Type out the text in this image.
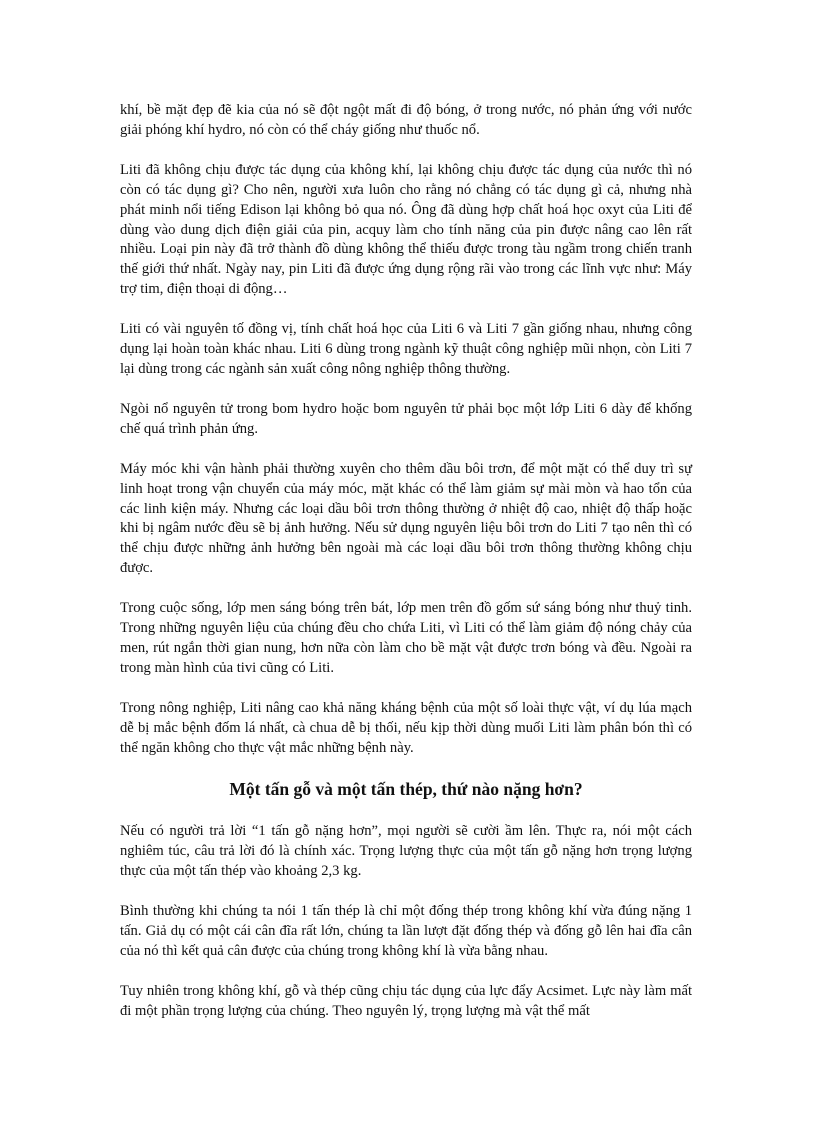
khí, bề mặt đẹp đẽ kia của nó sẽ đột ngột mất đi độ bóng, ở trong nước, nó phản ứng với nước giải phóng khí hydro, nó còn có thể cháy giống như thuốc nổ.

Liti đã không chịu được tác dụng của không khí, lại không chịu được tác dụng của nước thì nó còn có tác dụng gì? Cho nên, người xưa luôn cho rằng nó chẳng có tác dụng gì cả, nhưng nhà phát minh nổi tiếng Edison lại không bỏ qua nó. Ông đã dùng hợp chất hoá học oxyt của Liti để dùng vào dung dịch điện giải của pin, acquy làm cho tính năng của pin được nâng cao lên rất nhiều. Loại pin này đã trở thành đồ dùng không thể thiếu được trong tàu ngầm trong chiến tranh thế giới thứ nhất. Ngày nay, pin Liti đã được ứng dụng rộng rãi vào trong các lĩnh vực như: Máy trợ tim, điện thoại di động…

Liti có vài nguyên tố đồng vị, tính chất hoá học của Liti 6 và Liti 7 gần giống nhau, nhưng công dụng lại hoàn toàn khác nhau. Liti 6 dùng trong ngành kỹ thuật công nghiệp mũi nhọn, còn Liti 7 lại dùng trong các ngành sản xuất công nông nghiệp thông thường.

Ngòi nổ nguyên tử trong bom hydro hoặc bom nguyên tử phải bọc một lớp Liti 6 dày để khống chế quá trình phản ứng.

Máy móc khi vận hành phải thường xuyên cho thêm dầu bôi trơn, để một mặt có thể duy trì sự linh hoạt trong vận chuyển của máy móc, mặt khác có thể làm giảm sự mài mòn và hao tổn của các linh kiện máy. Nhưng các loại dầu bôi trơn thông thường ở nhiệt độ cao, nhiệt độ thấp hoặc khi bị ngâm nước đều sẽ bị ảnh hưởng. Nếu sử dụng nguyên liệu bôi trơn do Liti 7 tạo nên thì có thể chịu được những ảnh hưởng bên ngoài mà các loại dầu bôi trơn thông thường không chịu được.

Trong cuộc sống, lớp men sáng bóng trên bát, lớp men trên đồ gốm sứ sáng bóng như thuỷ tinh. Trong những nguyên liệu của chúng đều cho chứa Liti, vì Liti có thể làm giảm độ nóng chảy của men, rút ngắn thời gian nung, hơn nữa còn làm cho bề mặt vật được trơn bóng và đều. Ngoài ra trong màn hình của tivi cũng có Liti.

Trong nông nghiệp, Liti nâng cao khả năng kháng bệnh của một số loài thực vật, ví dụ lúa mạch dễ bị mắc bệnh đốm lá nhất, cà chua dễ bị thối, nếu kịp thời dùng muối Liti làm phân bón thì có thể ngăn không cho thực vật mắc những bệnh này.

Một tấn gỗ và một tấn thép, thứ nào nặng hơn?

Nếu có người trả lời “1 tấn gỗ nặng hơn”, mọi người sẽ cười ầm lên. Thực ra, nói một cách nghiêm túc, câu trả lời đó là chính xác. Trọng lượng thực của một tấn gỗ nặng hơn trọng lượng thực của một tấn thép vào khoảng 2,3 kg.

Bình thường khi chúng ta nói 1 tấn thép là chỉ một đống thép trong không khí vừa đúng nặng 1 tấn. Giả dụ có một cái cân đĩa rất lớn, chúng ta lần lượt đặt đống thép và đống gỗ lên hai đĩa cân của nó thì kết quả cân được của chúng trong không khí là vừa bằng nhau.

Tuy nhiên trong không khí, gỗ và thép cũng chịu tác dụng của lực đẩy Acsimet. Lực này làm mất đi một phần trọng lượng của chúng. Theo nguyên lý, trọng lượng mà vật thể mất
